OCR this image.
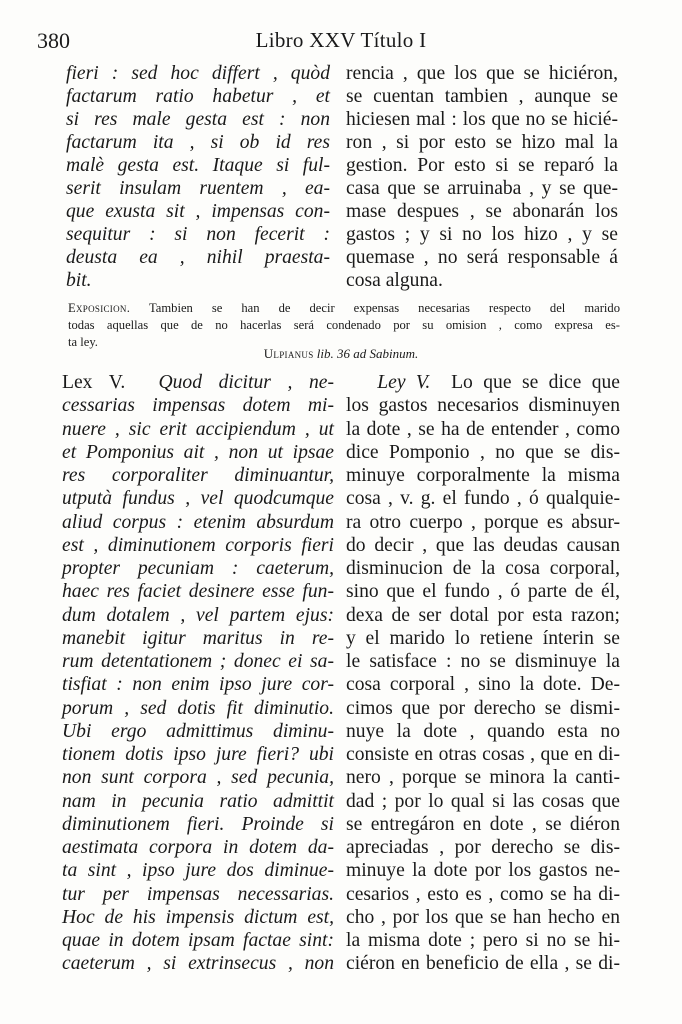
380	Libro XXV Título I
fieri : sed hoc differt , quòd
factarum ratio habetur , et
si res male gesta est : non
factarum ita , si ob id res
malè gesta est. Itaque si ful-
serit insulam ruentem , ea-
que exusta sit , impensas con-
sequitur : si non fecerit :
deusta ea , nihil praesta-
bit.
rencia , que los que se hiciéron,
se cuentan tambien , aunque se
hiciesen mal : los que no se hicié-
ron , si por esto se hizo mal la
gestion. Por esto si se reparó la
casa que se arruinaba , y se que-
mase despues , se abonarán los
gastos ; y si no los hizo , y se
quemase , no será responsable á
cosa alguna.
Exposicion. Tambien se han de decir expensas necesarias respecto del marido
todas aquellas que de no hacerlas será condenado por su omision , como expresa es-
ta ley.
Ulpianus lib. 36 ad Sabinum.
Lex V. Quod dicitur , ne-
cessarias impensas dotem mi-
nuere , sic erit accipiendum , ut
et Pomponius ait , non ut ipsae
res corporaliter diminuantur,
utputà fundus , vel quodcumque
aliud corpus : etenim absurdum
est , diminutionem corporis fieri
propter pecuniam : caeterum,
haec res faciet desinere esse fun-
dum dotalem , vel partem ejus:
manebit igitur maritus in re-
rum detentationem ; donec ei sa-
tisfiat : non enim ipso jure cor-
porum , sed dotis fit diminutio.
Ubi ergo admittimus diminu-
tionem dotis ipso jure fieri? ubi
non sunt corpora , sed pecunia,
nam in pecunia ratio admittit
diminutionem fieri. Proinde si
aestimata corpora in dotem da-
ta sint , ipso jure dos diminue-
tur per impensas necessarias.
Hoc de his impensis dictum est,
quae in dotem ipsam factae sint:
caeterum , si extrinsecus , non
Ley V. Lo que se dice que
los gastos necesarios disminuyen
la dote , se ha de entender , como
dice Pomponio , no que se dis-
minuye corporalmente la misma
cosa , v. g. el fundo , ó qualquie-
ra otro cuerpo , porque es absur-
do decir , que las deudas causan
disminucion de la cosa corporal,
sino que el fundo , ó parte de él,
dexa de ser dotal por esta razon;
y el marido lo retiene ínterin se
le satisface : no se disminuye la
cosa corporal , sino la dote. De-
cimos que por derecho se dismi-
nuye la dote , quando esta no
consiste en otras cosas , que en di-
nero , porque se minora la canti-
dad ; por lo qual si las cosas que
se entregáron en dote , se diéron
apreciadas , por derecho se dis-
minuye la dote por los gastos ne-
cesarios , esto es , como se ha di-
cho , por los que se han hecho en
la misma dote ; pero si no se hi-
ciéron en beneficio de ella , se di-
